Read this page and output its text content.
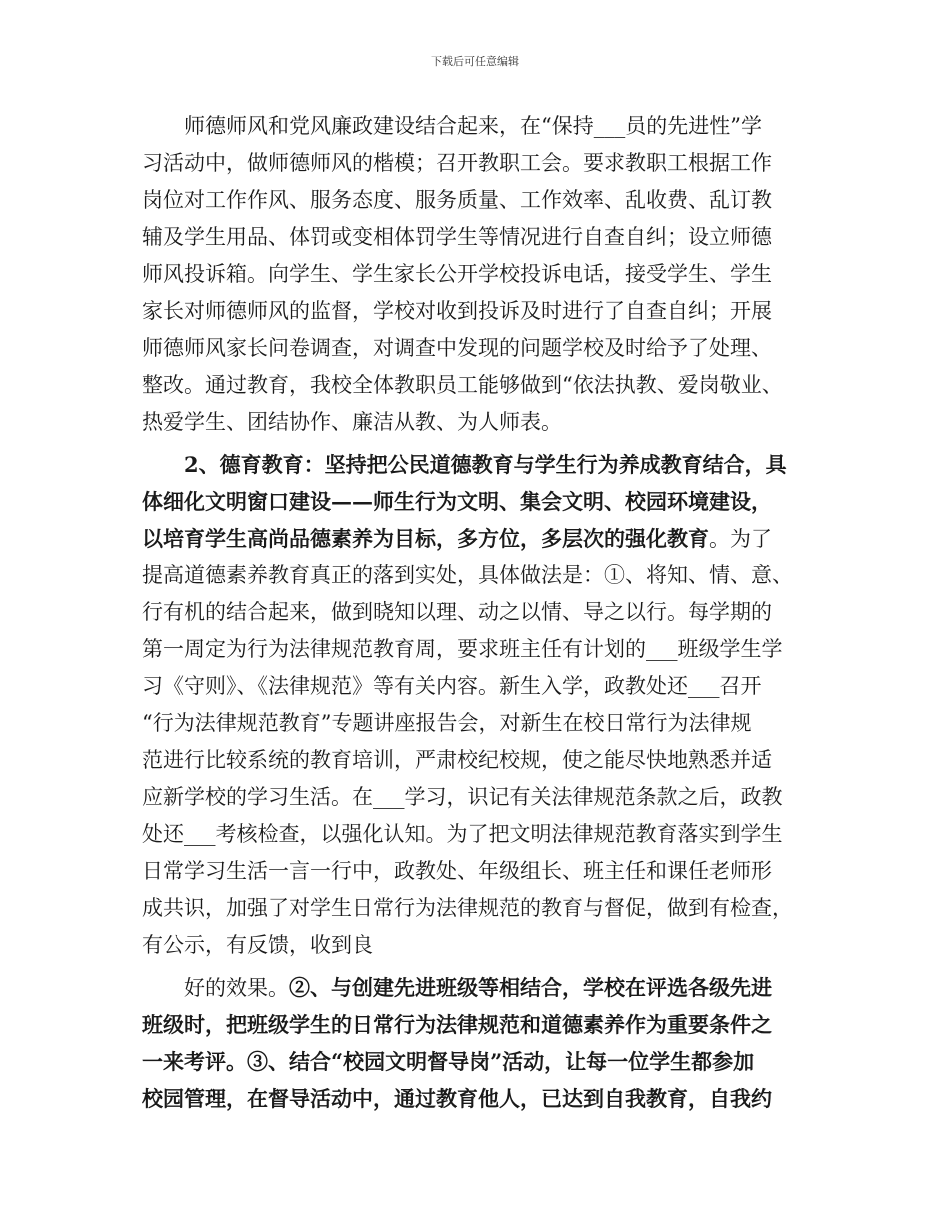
下载后可任意编辑
师德师风和党风廉政建设结合起来，在“保持___员的先进性”学
习活动中，做师德师风的楷模；召开教职工会。要求教职工根据工作
岗位对工作作风、服务态度、服务质量、工作效率、乱收费、乱订教
辅及学生用品、体罚或变相体罚学生等情况进行自查自纠；设立师德
师风投诉箱。向学生、学生家长公开学校投诉电话，接受学生、学生
家长对师德师风的监督，学校对收到投诉及时进行了自查自纠；开展
师德师风家长问卷调查，对调查中发现的问题学校及时给予了处理、
整改。通过教育，我校全体教职员工能够做到“依法执教、爱岗敬业、
热爱学生、团结协作、廉洁从教、为人师表。
2、德育教育：坚持把公民道德教育与学生行为养成教育结合，具
体细化文明窗口建设——师生行为文明、集会文明、校园环境建设，
以培育学生高尚品德素养为目标，多方位，多层次的强化教育。为了
提高道德素养教育真正的落到实处，具体做法是：①、将知、情、意、
行有机的结合起来，做到晓知以理、动之以情、导之以行。每学期的
第一周定为行为法律规范教育周，要求班主任有计划的___班级学生学
习《守则》、《法律规范》等有关内容。新生入学，政教处还___召开
“行为法律规范教育”专题讲座报告会，对新生在校日常行为法律规
范进行比较系统的教育培训，严肃校纪校规，使之能尽快地熟悉并适
应新学校的学习生活。在___学习，识记有关法律规范条款之后，政教
处还___考核检查，以强化认知。为了把文明法律规范教育落实到学生
日常学习生活一言一行中，政教处、年级组长、班主任和课任老师形
成共识，加强了对学生日常行为法律规范的教育与督促，做到有检查，
有公示，有反馈，收到良
好的效果。②、与创建先进班级等相结合，学校在评选各级先进
班级时，把班级学生的日常行为法律规范和道德素养作为重要条件之
一来考评。③、结合“校园文明督导岗”活动，让每一位学生都参加
校园管理，在督导活动中，通过教育他人，已达到自我教育，自我约
